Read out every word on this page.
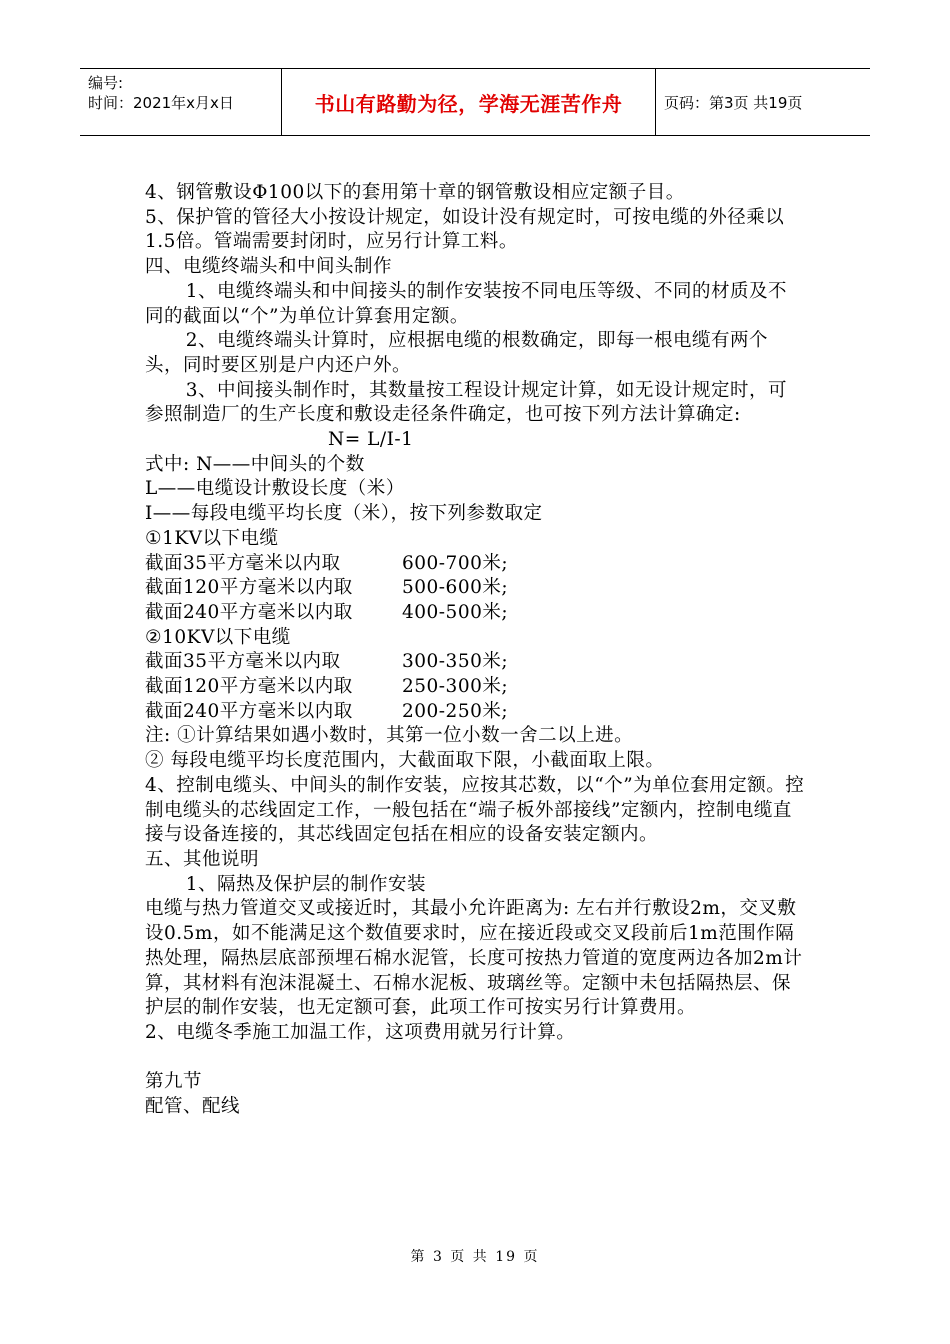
编号:
时间：2021年x月x日	书山有路勤为径，学海无涯苦作舟	页码：第3页 共19页

4、钢管敷设Φ100以下的套用第十章的钢管敷设相应定额子目。

5、保护管的管径大小按设计规定，如设计没有规定时，可按电缆的外径乘以1.5倍。管端需要封闭时，应另行计算工料。

四、电缆终端头和中间头制作

1、电缆终端头和中间接头的制作安装按不同电压等级、不同的材质及不同的截面以“个”为单位计算套用定额。

2、电缆终端头计算时，应根据电缆的根数确定，即每一根电缆有两个头，同时要区别是户内还户外。

3、中间接头制作时，其数量按工程设计规定计算，如无设计规定时，可参照制造厂的生产长度和敷设走径条件确定，也可按下列方法计算确定:

N= L/I-1

式中: N——中间头的个数

L——电缆设计敷设长度（米）

I——每段电缆平均长度（米），按下列参数取定

①1KV以下电缆

截面35平方毫米以内取	600-700米;
截面120平方毫米以内取	500-600米;
截面240平方毫米以内取	400-500米;

②10KV以下电缆

截面35平方毫米以内取	300-350米;
截面120平方毫米以内取	250-300米;
截面240平方毫米以内取	200-250米;

注: ①计算结果如遇小数时，其第一位小数一舍二以上进。

② 每段电缆平均长度范围内，大截面取下限，小截面取上限。

4、控制电缆头、中间头的制作安装，应按其芯数，以“个”为单位套用定额。控制电缆头的芯线固定工作，一般包括在“端子板外部接线”定额内，控制电缆直接与设备连接的，其芯线固定包括在相应的设备安装定额内。

五、其他说明

1、隔热及保护层的制作安装

电缆与热力管道交叉或接近时，其最小允许距离为: 左右并行敷设2m，交叉敷设0.5m，如不能满足这个数值要求时，应在接近段或交叉段前后1m范围作隔热处理，隔热层底部预埋石棉水泥管，长度可按热力管道的宽度两边各加2m计算，其材料有泡沫混凝土、石棉水泥板、玻璃丝等。定额中未包括隔热层、保护层的制作安装，也无定额可套，此项工作可按实另行计算费用。

2、电缆冬季施工加温工作，这项费用就另行计算。

第九节

配管、配线

第 3 页 共 19 页
